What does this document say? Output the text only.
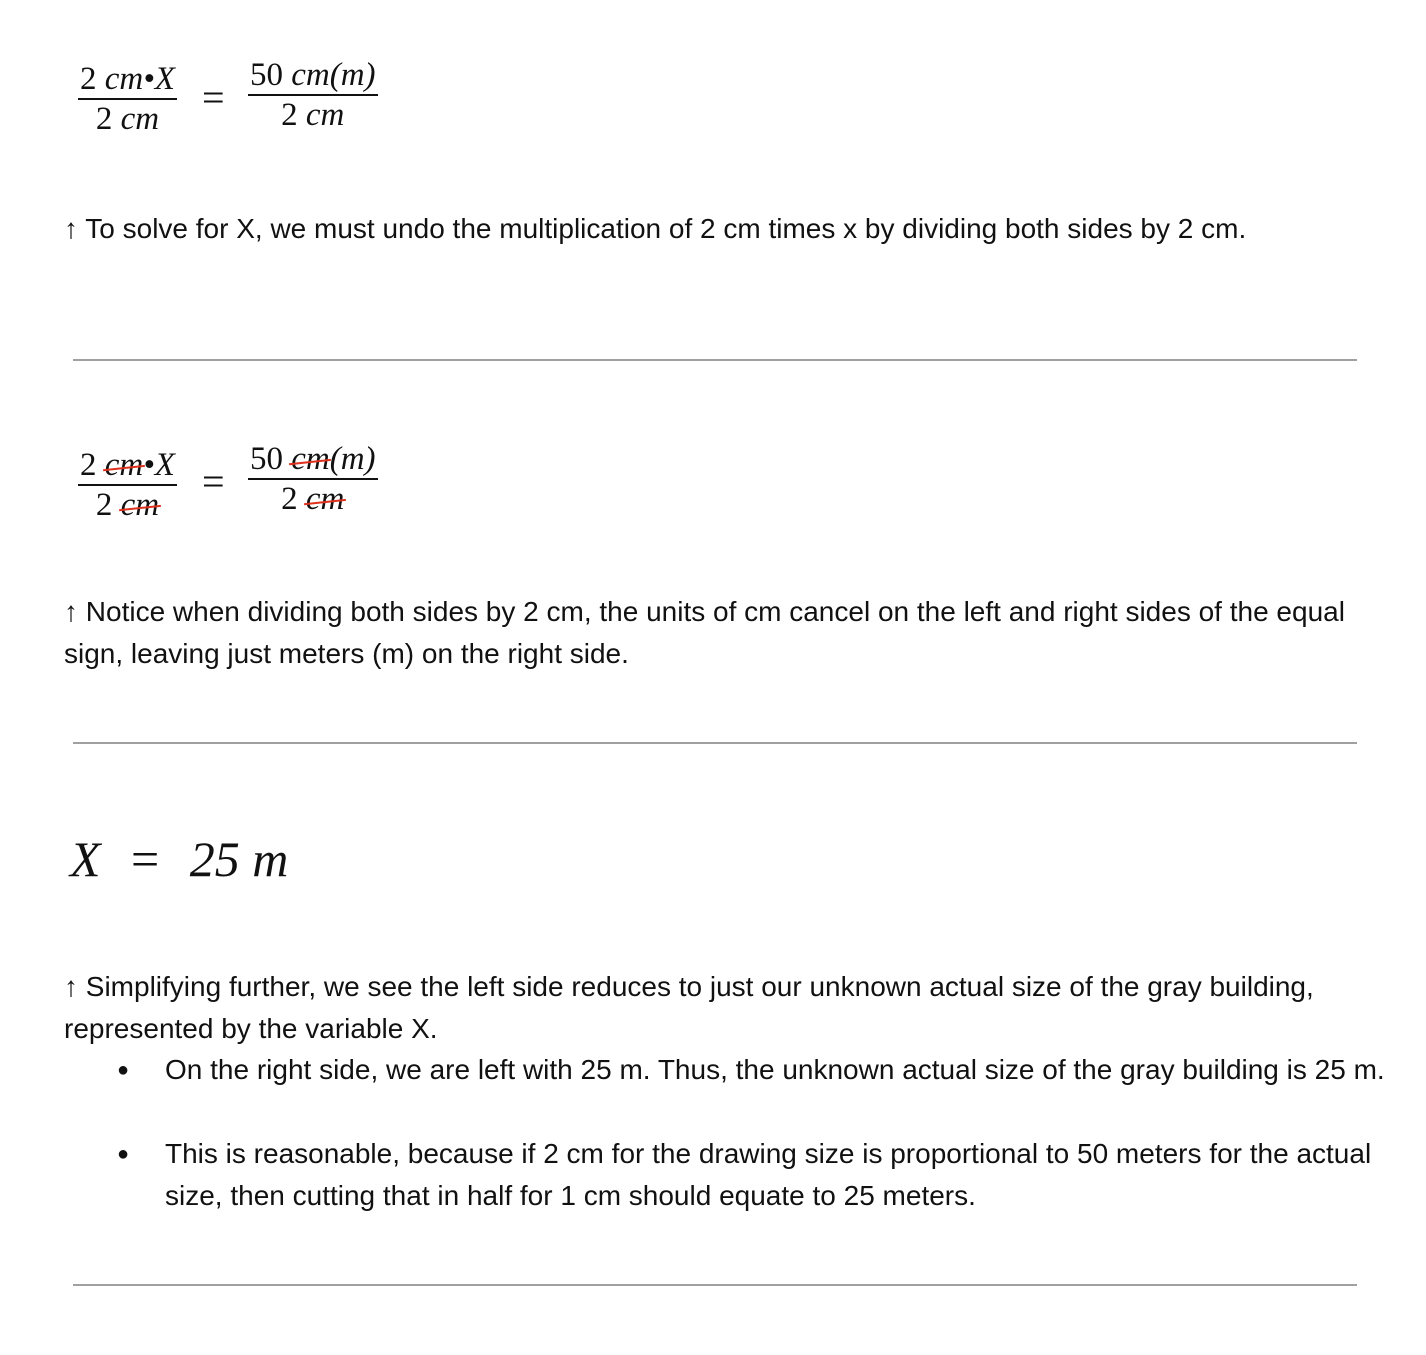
$\frac{2 cm•X}{2 cm} = \frac{50 cm(m)}{2 cm}$

↑ To solve for X, we must undo the multiplication of 2 cm times x by dividing both sides by 2 cm.

$\frac{2 cm•X}{2 cm} = \frac{50 cm(m)}{2 cm}$

↑ Notice when dividing both sides by 2 cm, the units of cm cancel on the left and right sides of the equal sign, leaving just meters (m) on the right side.

X = 25 m

↑ Simplifying further, we see the left side reduces to just our unknown actual size of the gray building, represented by the variable X.

● On the right side, we are left with 25 m. Thus, the unknown actual size of the gray building is 25 m.

● This is reasonable, because if 2 cm for the drawing size is proportional to 50 meters for the actual size, then cutting that in half for 1 cm should equate to 25 meters.
